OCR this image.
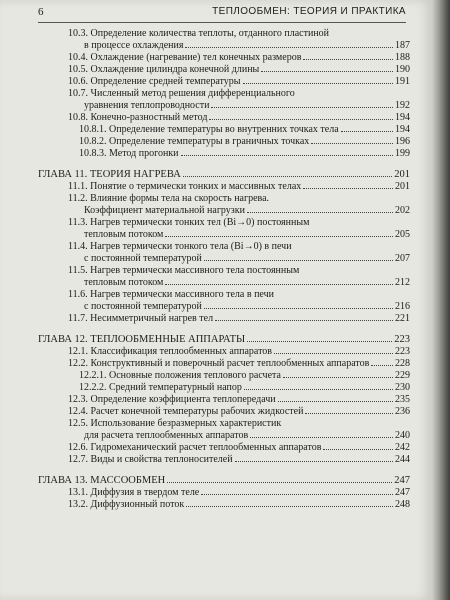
6	ТЕПЛООБМЕН: ТЕОРИЯ И ПРАКТИКА
10.3. Определение количества теплоты, отданного пластиной
в процессе охлаждения	187
10.4. Охлаждение (нагревание) тел конечных размеров	188
10.5. Охлаждение цилиндра конечной длины	190
10.6. Определение средней температуры	191
10.7. Численный метод решения дифференциального
уравнения теплопроводности	192
10.8. Конечно-разностный метод	194
10.8.1. Определение температуры во внутренних точках тела	194
10.8.2. Определение температуры в граничных точках	196
10.8.3. Метод прогонки	199
ГЛАВА 11. ТЕОРИЯ НАГРЕВА	201
11.1. Понятие о термически тонких и массивных телах	201
11.2. Влияние формы тела на скорость нагрева.
Коэффициент материальной нагрузки	202
11.3. Нагрев термически тонких тел (Bi→0) постоянным
тепловым потоком	205
11.4. Нагрев термически тонкого тела (Bi→0) в печи
с постоянной температурой	207
11.5. Нагрев термически массивного тела постоянным
тепловым потоком	212
11.6. Нагрев термически массивного тела в печи
с постоянной температурой	216
11.7. Несимметричный нагрев тел	221
ГЛАВА 12. ТЕПЛООБМЕННЫЕ АППАРАТЫ	223
12.1. Классификация теплообменных аппаратов	223
12.2. Конструктивный и поверочный расчет теплообменных аппаратов	228
12.2.1. Основные положения теплового расчета	229
12.2.2. Средний температурный напор	230
12.3. Определение коэффициента теплопередачи	235
12.4. Расчет конечной температуры рабочих жидкостей	236
12.5. Использование безразмерных характеристик
для расчета теплообменных аппаратов	240
12.6. Гидромеханический расчет теплообменных аппаратов	242
12.7. Виды и свойства теплоносителей	244
ГЛАВА 13. МАССООБМЕН	247
13.1. Диффузия в твердом теле	247
13.2. Диффузионный поток	248
